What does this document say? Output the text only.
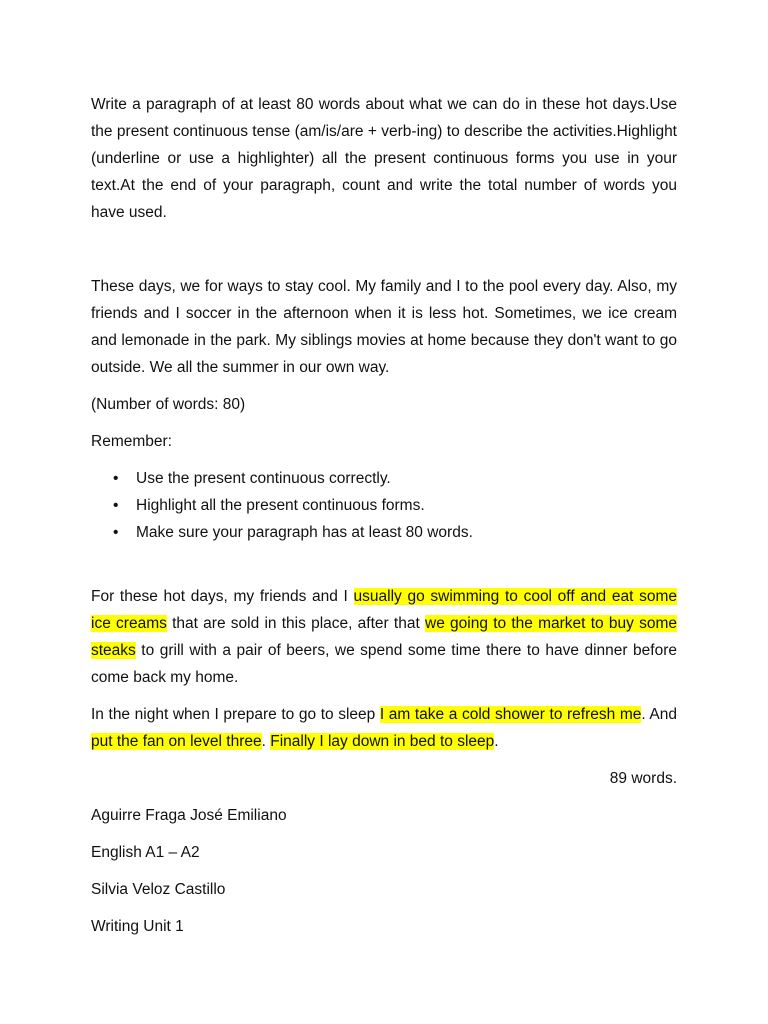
Write a paragraph of at least 80 words about what we can do in these hot days.Use the present continuous tense (am/is/are + verb-ing) to describe the activities.Highlight (underline or use a highlighter) all the present continuous forms you use in your text.At the end of your paragraph, count and write the total number of words you have used.

These days, we for ways to stay cool. My family and I to the pool every day. Also, my friends and I soccer in the afternoon when it is less hot. Sometimes, we ice cream and lemonade in the park. My siblings movies at home because they don't want to go outside. We all the summer in our own way.

(Number of words: 80)

Remember:

• Use the present continuous correctly.
• Highlight all the present continuous forms.
• Make sure your paragraph has at least 80 words.

For these hot days, my friends and I usually go swimming to cool off and eat some ice creams that are sold in this place, after that we going to the market to buy some steaks to grill with a pair of beers, we spend some time there to have dinner before come back my home.

In the night when I prepare to go to sleep I am take a cold shower to refresh me. And put the fan on level three. Finally I lay down in bed to sleep.

89 words.

Aguirre Fraga José Emiliano

English A1 – A2

Silvia Veloz Castillo

Writing Unit 1
